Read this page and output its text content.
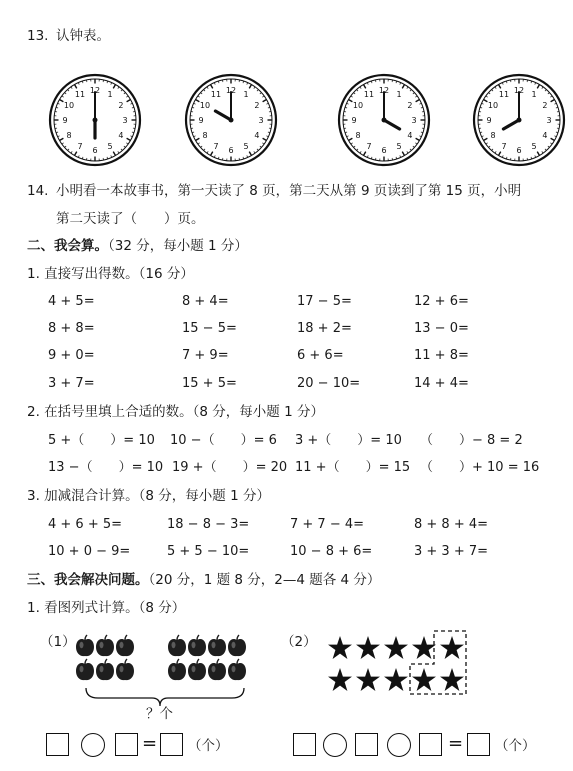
13. 认钟表。
1
2
3
4
5
6
7
8
9
10
11 12	1
2
3
4
5
6
7
8
9
10
11 12	1
2
3
4
5
6
7
8
9
10
11 12	1
2
3
4
5
6
7
8
9
10
11 12
14. 小明看一本故事书，第一天读了 8 页，第二天从第 9 页读到了第 15 页，小明
第二天读了（　　）页。
二、我会算。（32 分，每小题 1 分）
1. 直接写出得数。（16 分）
4 + 5=	8 + 4=	17 − 5=	12 + 6=
8 + 8=	15 − 5=	18 + 2=	13 − 0=
9 + 0=	7 + 9=	6 + 6=	11 + 8=
3 + 7=	15 + 5=	20 − 10=	14 + 4=
2. 在括号里填上合适的数。（8 分，每小题 1 分）
5 +（　　）= 10 10 −（　　）= 6 3 +（　　）= 10 （　　）− 8 = 2
13 −（　　）= 10 19 +（　　）= 20 11 +（　　）= 15 （　　）+ 10 = 16
3. 加减混合计算。（8 分，每小题 1 分）
4 + 6 + 5=	18 − 8 − 3=	7 + 7 − 4=	8 + 8 + 4=
10 + 0 − 9=	5 + 5 − 10=	10 − 8 + 6=	3 + 3 + 7=
三、我会解决问题。（20 分，1 题 8 分，2—4 题各 4 分）
1. 看图列式计算。（8 分）
（1）
？个
（2）
= （个）	= （个）
